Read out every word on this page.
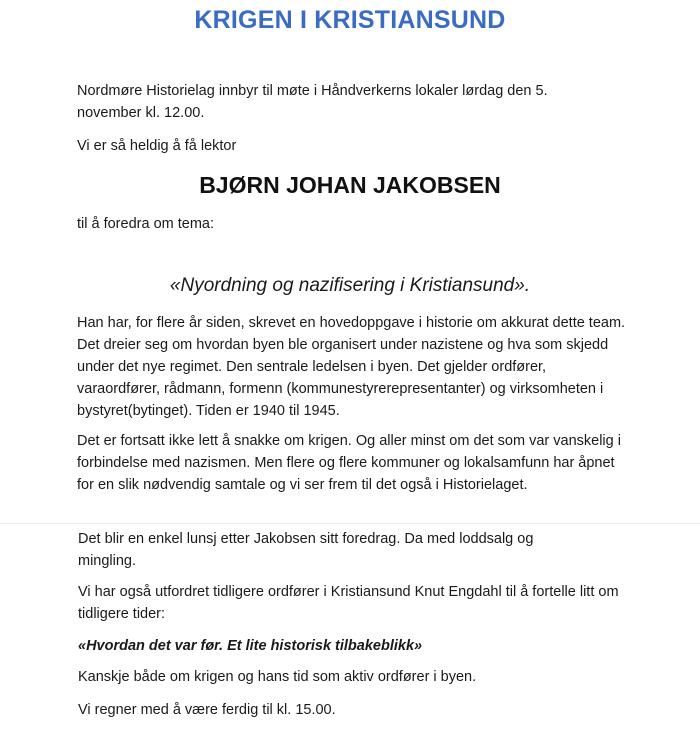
KRIGEN I KRISTIANSUND

Nordmøre Historielag innbyr til møte i Håndverkerns lokaler lørdag den 5. november kl. 12.00.

Vi er så heldig å få lektor

BJØRN JOHAN JAKOBSEN

til å foredra om tema:

«Nyordning og nazifisering i Kristiansund».

Han har, for flere år siden, skrevet en hovedoppgave i historie om akkurat dette team. Det dreier seg om hvordan byen ble organisert under nazistene og hva som skjedd under det nye regimet. Den sentrale ledelsen i byen. Det gjelder ordfører, varaordfører, rådmann, formenn (kommunestyrerepresentanter) og virksomheten i bystyret(bytinget). Tiden er 1940 til 1945.

Det er fortsatt ikke lett å snakke om krigen. Og aller minst om det som var vanskelig i forbindelse med nazismen. Men flere og flere kommuner og lokalsamfunn har åpnet for en slik nødvendig samtale og vi ser frem til det også i Historielaget.

Det blir en enkel lunsj etter Jakobsen sitt foredrag. Da med loddsalg og mingling.

Vi har også utfordret tidligere ordfører i Kristiansund Knut Engdahl til å fortelle litt om tidligere tider:

«Hvordan det var før. Et lite historisk tilbakeblikk»

Kanskje både om krigen og hans tid som aktiv ordfører i byen.

Vi regner med å være ferdig til kl. 15.00.
